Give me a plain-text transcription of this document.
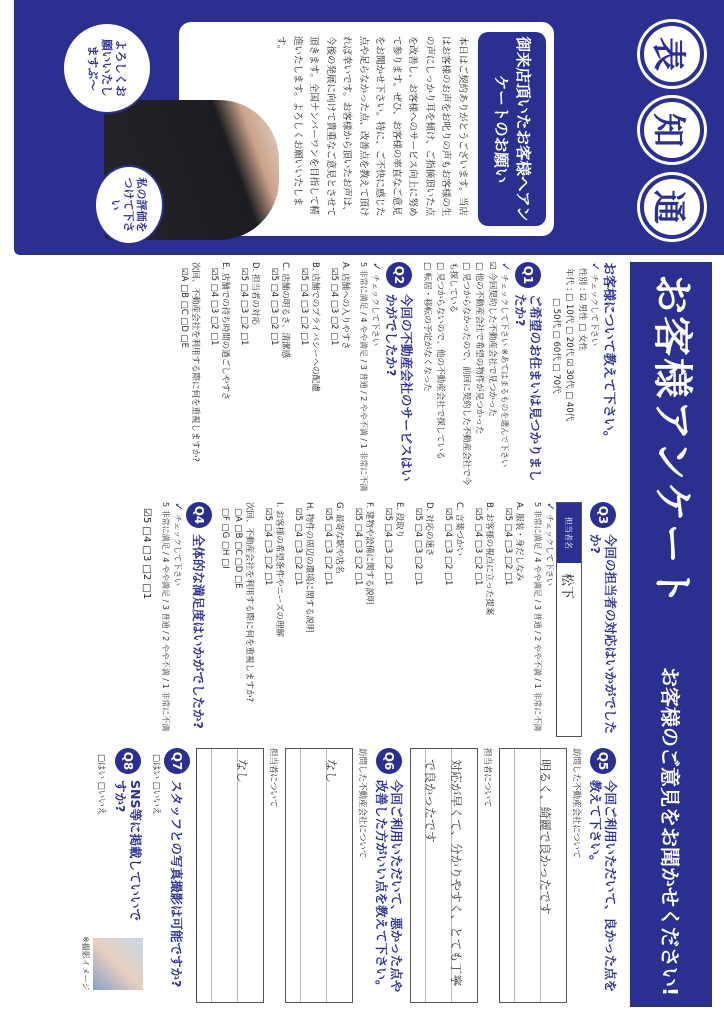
通
知
表
御来店頂いたお客様へアンケートのお願い
本日はご契約ありがとうございます。当店はお客様のお声をお叱りの声もお客様の生の声にしっかり耳を傾け、ご指摘頂いた点を改善し、お客様へのサービス向上に努めて参ります。ぜひ、お客様の率直なご意見をお聞かせ下さい。特に、ご不快に感じた点や足らなかった点、改善点を教えて頂ければ幸いです。お客様から頂いたお声は、今後の発展に向けて貴重なご意見とさせて頂きます。全国ナンバーワンを目指して精進いたします。よろしくお願いいたします。
私の評価をつけて下さい
よろしくお願いいたしますぶ〜
お客様アンケート
お客様のご意見をお聞かせください!
お客様について教えて下さい。
✓チェックして下さい
性別 : ☑ 男性 □ 女性
年代 : □ 10代 □ 20代 ☑ 30代 □ 40代
□ 50代 □ 60代 □ 70代
Q1
ご希望のお住まいは見つかりましたか?
✓チェックして下さい ※あてはまるものを選んで下さい
☑ 今回契約した不動産会社で見つかった
□ 他の不動産会社で希望の物件が見つかった
□ 見つからなかったので、前回に契約した不動産会社で今も探している
□ 見つからないので、他の不動産会社で探している
□ 転居・移転の予定がなくなった
Q2
今回の不動産会社のサービスはいかがでしたか?
✓チェックして下さい
5 非常に満足 / 4 やや満足 / 3 普通 / 2 やや不満 / 1 非常に不満
A. 店舗への入りやすさ
☑5 □4 □3 □2 □1
B. 店舗でのプライバシーへの配慮
☑5 □4 □3 □2 □1
C. 店舗の明るさ、清潔感
☑5 □4 □3 □2 □1
D. 担当者の対応
☑5 □4 □3 □2 □1
E. 店舗での待ち時間の過ごしやすさ
☑5 □4 □3 □2 □1
次回、不動産会社を利用する際に何を重視しますか?
☑A □B □C □D □E
Q3
今回の担当者の対応はいかがでしたか?
担当者名
松下
✓チェックして下さい
5 非常に満足 / 4 やや満足 / 3 普通 / 2 やや不満 / 1 非常に不満
A. 服装・身だしなみ
☑5 □4 □3 □2 □1
B. お客様の視点に立った提案
☑5 □4 □3 □2 □1
C. 言葉づかい
☑5 □4 □3 □2 □1
D. 対応の速さ
☑5 □4 □3 □2 □1
E. 段取り
☑5 □4 □3 □2 □1
F. 建物や設備に関する説明
☑5 □4 □3 □2 □1
G. 最寄な駅や店名
☑5 □4 □3 □2 □1
H. 物件の周辺の環境に関する説明
☑5 □4 □3 □2 □1
I. お客様の希望条件やニーズの理解
☑5 □4 □3 □2 □1
次回、不動産会社を利用する際に何を重視しますか?
□A □B □C □D □E
□F □G □H □I
Q4
全体的な満足度はいかがでしたか?
✓チェックして下さい
5 非常に満足 / 4 やや満足 / 3 普通 / 2 やや不満 / 1 非常に不満
☑5 □4 □3 □2 □1
Q5
今回ご利用いただいて、良かった点を教えて下さい。
訪問した不動産会社について
明るく、綺麗で良かったです
担当者について
対応が早くて、分かりやすく、とても丁寧で良かったです
Q6
今回ご利用いただいて、悪かった点や改善した方がいい点を教えて下さい。
訪問した不動産会社について
なし
担当者について
なし
Q7
スタッフとの写真撮影は可能ですか?
□はい □いいえ
Q8
SNS等に掲載していいですか?
□はい □いいえ
※撮影イメージ
